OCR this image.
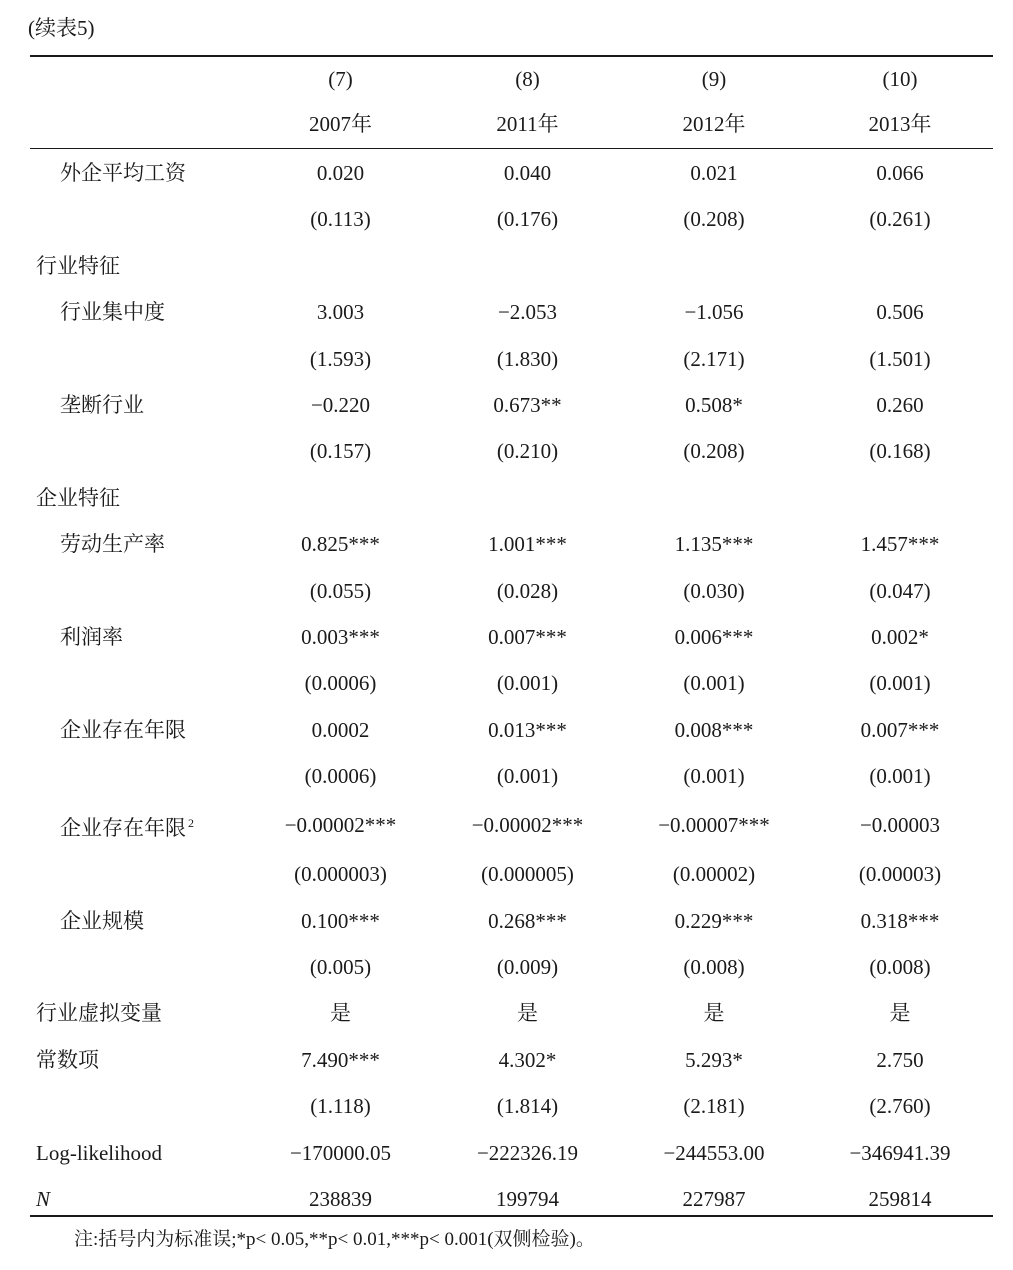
(续表5)
	(7)	(8)	(9)	(10)
	2007年	2011年	2012年	2013年
外企平均工资	0.020	0.040	0.021	0.066
	(0.113)	(0.176)	(0.208)	(0.261)
行业特征				
行业集中度	3.003	−2.053	−1.056	0.506
	(1.593)	(1.830)	(2.171)	(1.501)
垄断行业	−0.220	0.673**	0.508*	0.260
	(0.157)	(0.210)	(0.208)	(0.168)
企业特征				
劳动生产率	0.825***	1.001***	1.135***	1.457***
	(0.055)	(0.028)	(0.030)	(0.047)
利润率	0.003***	0.007***	0.006***	0.002*
	(0.0006)	(0.001)	(0.001)	(0.001)
企业存在年限	0.0002	0.013***	0.008***	0.007***
	(0.0006)	(0.001)	(0.001)	(0.001)
企业存在年限 $^2$	−0.00002***	−0.00002***	−0.00007***	−0.00003
	(0.000003)	(0.000005)	(0.00002)	(0.00003)
企业规模	0.100***	0.268***	0.229***	0.318***
	(0.005)	(0.009)	(0.008)	(0.008)
行业虚拟变量	是	是	是	是
常数项	7.490***	4.302*	5.293*	2.750
	(1.118)	(1.814)	(2.181)	(2.760)
Log-likelihood	−170000.05	−222326.19	−244553.00	−346941.39
N	238839	199794	227987	259814
注:括号内为标准误;*p< 0.05,**p< 0.01,***p< 0.001(双侧检验)。
